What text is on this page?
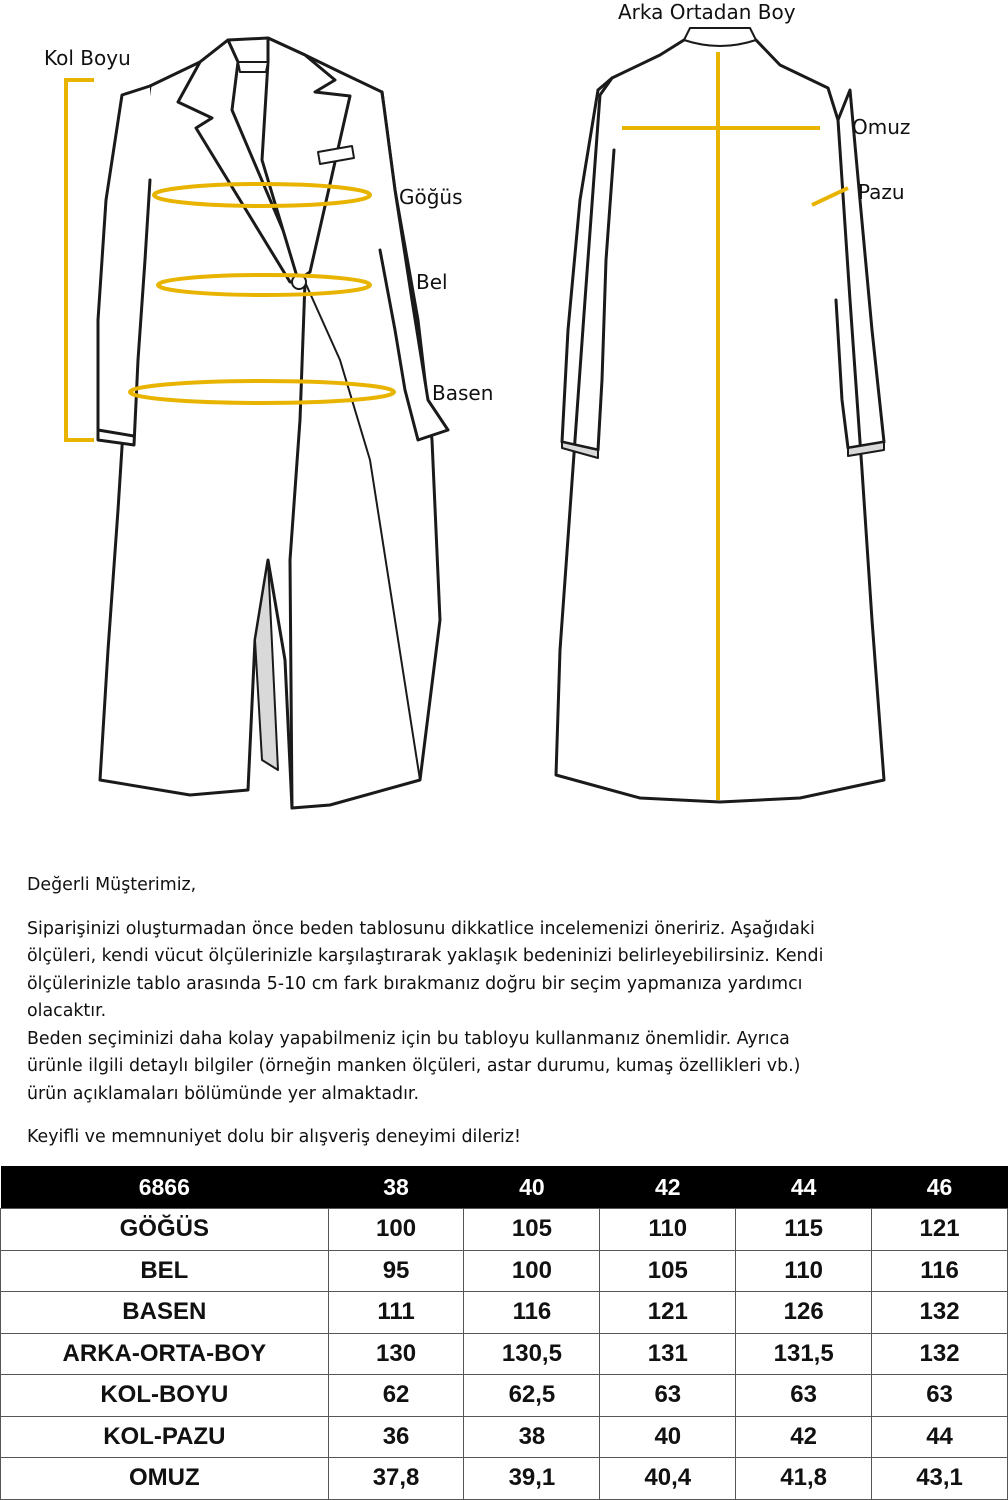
Kol Boyu
Göğüs
Bel
Basen
Arka Ortadan Boy
Omuz
Pazu

Değerli Müşterimiz,

Siparişinizi oluşturmadan önce beden tablosunu dikkatlice incelemenizi öneririz. Aşağıdaki

ölçüleri, kendi vücut ölçülerinizle karşılaştırarak yaklaşık bedeninizi belirleyebilirsiniz. Kendi

ölçülerinizle tablo arasında 5-10 cm fark bırakmanız doğru bir seçim yapmanıza yardımcı

olacaktır.

Beden seçiminizi daha kolay yapabilmeniz için bu tabloyu kullanmanız önemlidir. Ayrıca

ürünle ilgili detaylı bilgiler (örneğin manken ölçüleri, astar durumu, kumaş özellikleri vb.)

ürün açıklamaları bölümünde yer almaktadır.

Keyifli ve memnuniyet dolu bir alışveriş deneyimi dileriz!

6866	38	40	42	44	46
GÖĞÜS	100	105	110	115	121
BEL	95	100	105	110	116
BASEN	111	116	121	126	132
ARKA-ORTA-BOY	130	130,5	131	131,5	132
KOL-BOYU	62	62,5	63	63	63
KOL-PAZU	36	38	40	42	44
OMUZ	37,8	39,1	40,4	41,8	43,1
